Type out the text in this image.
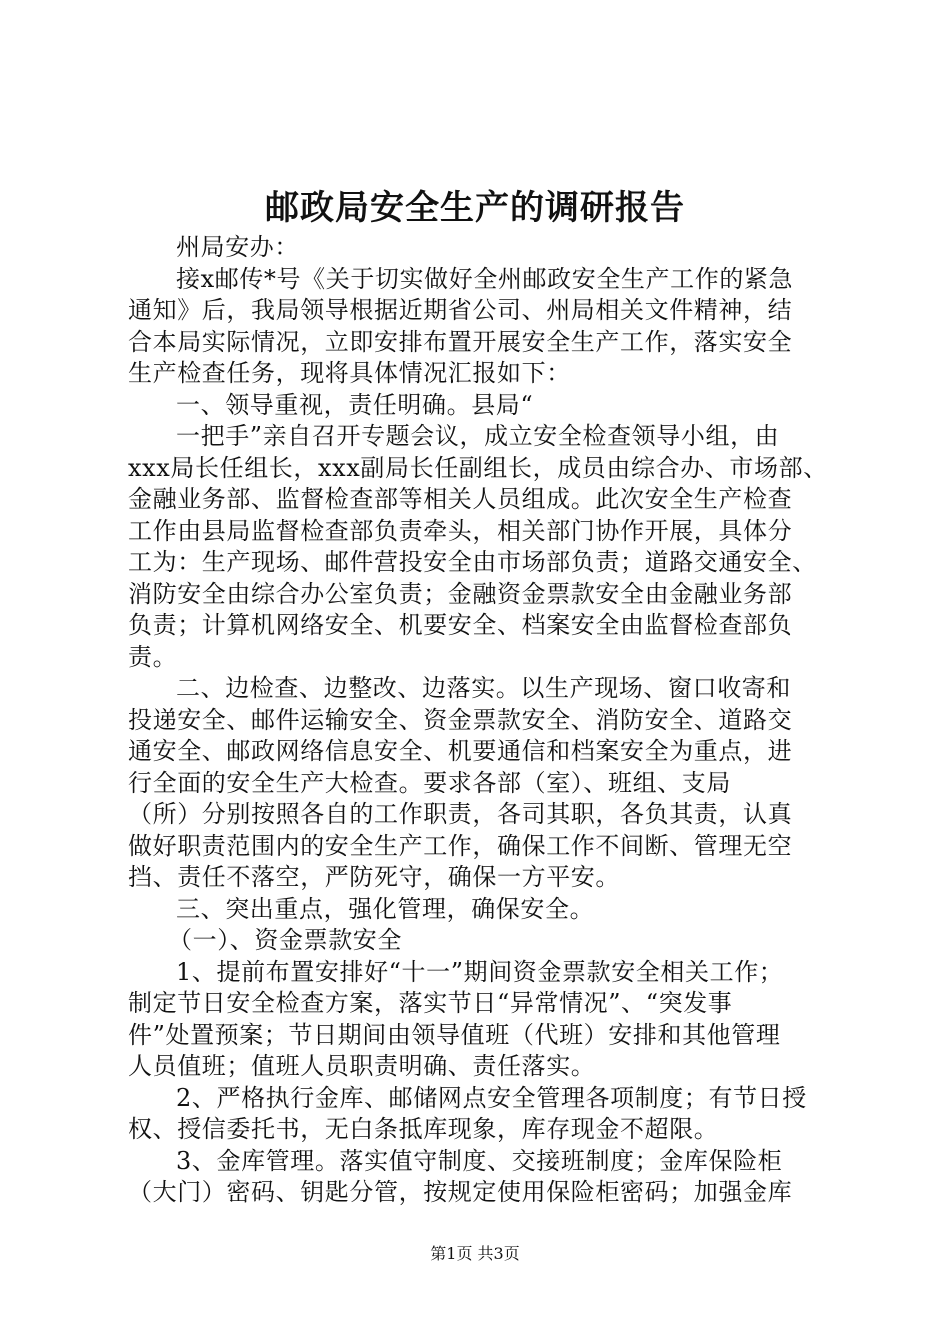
邮政局安全生产的调研报告
州局安办：
接x邮传*号《关于切实做好全州邮政安全生产工作的紧急
通知》后，我局领导根据近期省公司、州局相关文件精神，结
合本局实际情况，立即安排布置开展安全生产工作，落实安全
生产检查任务，现将具体情况汇报如下：
一、领导重视，责任明确。县局“
一把手”亲自召开专题会议，成立安全检查领导小组，由
xxx局长任组长，xxx副局长任副组长，成员由综合办、市场部、
金融业务部、监督检查部等相关人员组成。此次安全生产检查
工作由县局监督检查部负责牵头，相关部门协作开展，具体分
工为：生产现场、邮件营投安全由市场部负责；道路交通安全、
消防安全由综合办公室负责；金融资金票款安全由金融业务部
负责；计算机网络安全、机要安全、档案安全由监督检查部负
责。
二、边检查、边整改、边落实。以生产现场、窗口收寄和
投递安全、邮件运输安全、资金票款安全、消防安全、道路交
通安全、邮政网络信息安全、机要通信和档案安全为重点，进
行全面的安全生产大检查。要求各部（室）、班组、支局
（所）分别按照各自的工作职责，各司其职，各负其责，认真
做好职责范围内的安全生产工作，确保工作不间断、管理无空
挡、责任不落空，严防死守，确保一方平安。
三、突出重点，强化管理，确保安全。
（一）、资金票款安全
1、提前布置安排好“十一”期间资金票款安全相关工作；
制定节日安全检查方案，落实节日“异常情况”、“突发事
件”处置预案；节日期间由领导值班（代班）安排和其他管理
人员值班；值班人员职责明确、责任落实。
2、严格执行金库、邮储网点安全管理各项制度；有节日授
权、授信委托书，无白条抵库现象，库存现金不超限。
3、金库管理。落实值守制度、交接班制度；金库保险柜
（大门）密码、钥匙分管，按规定使用保险柜密码；加强金库
第1页 共3页
